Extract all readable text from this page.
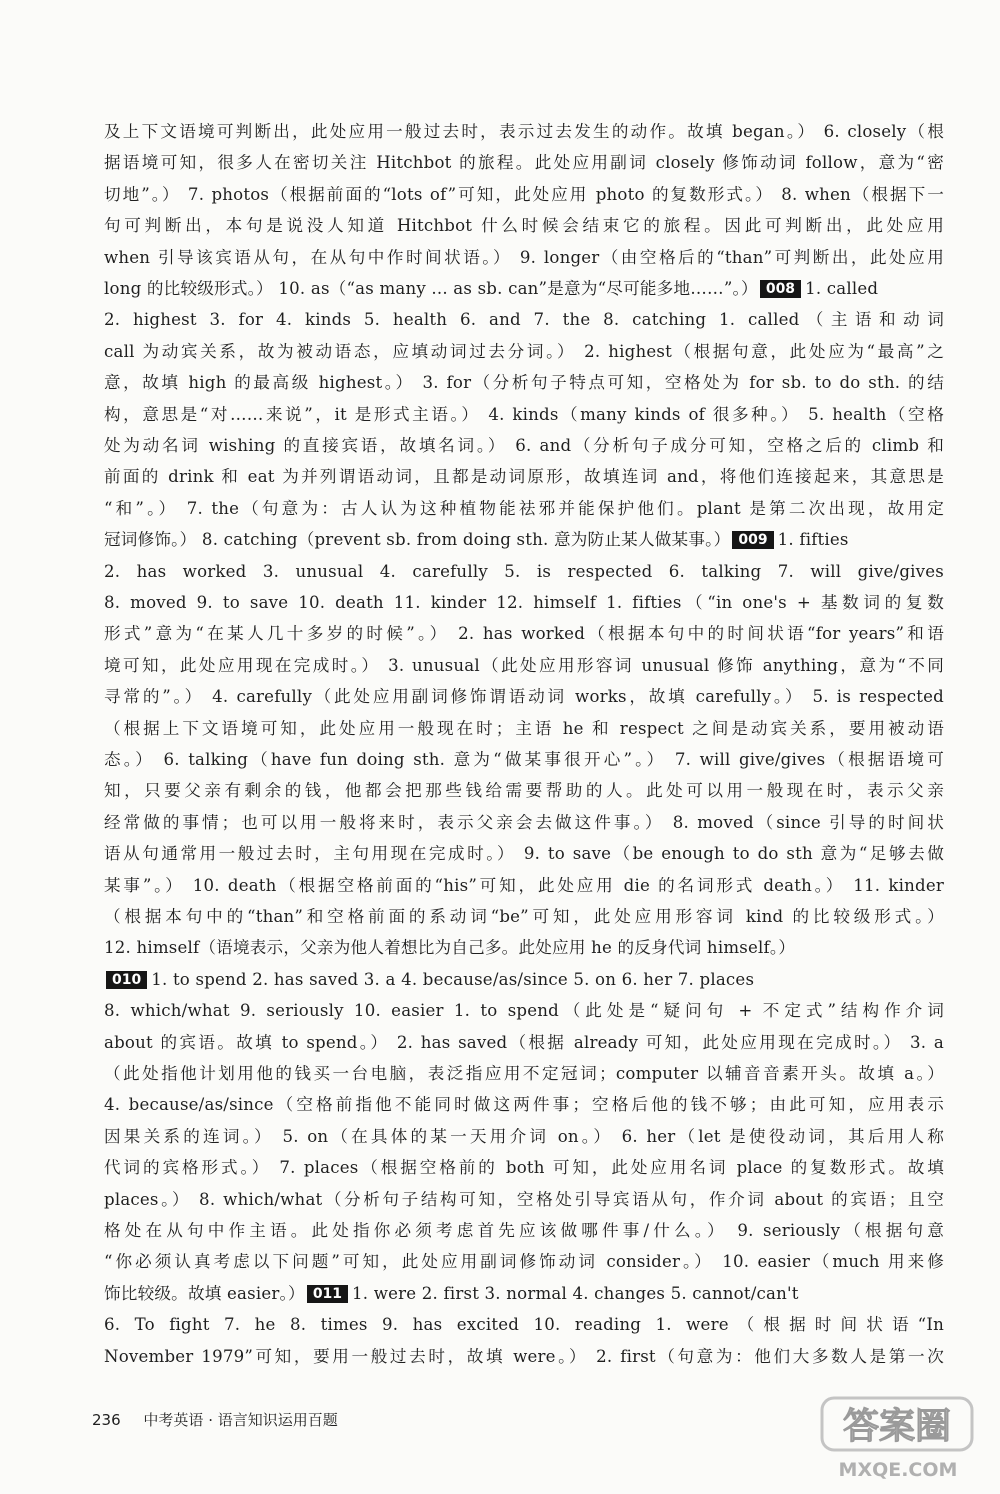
及上下文语境可判断出，此处应用一般过去时，表示过去发生的动作。故填 began。） 6. closely（根
据语境可知，很多人在密切关注 Hitchbot 的旅程。此处应用副词 closely 修饰动词 follow，意为“密
切地”。） 7. photos（根据前面的“lots of”可知，此处应用 photo 的复数形式。） 8. when（根据下一
句可判断出，本句是说没人知道 Hitchbot 什么时候会结束它的旅程。因此可判断出，此处应用
when 引导该宾语从句，在从句中作时间状语。） 9. longer（由空格后的“than”可判断出，此处应用
long 的比较级形式。） 10. as（“as many ... as sb. can”是意为“尽可能多地……”。） 008 1. called
2. highest 3. for 4. kinds 5. health 6. and 7. the 8. catching 1. called（主语和动词
call 为动宾关系，故为被动语态，应填动词过去分词。） 2. highest（根据句意，此处应为“最高”之
意，故填 high 的最高级 highest。） 3. for（分析句子特点可知，空格处为 for sb. to do sth. 的结
构，意思是“对……来说”，it 是形式主语。） 4. kinds（many kinds of 很多种。） 5. health（空格
处为动名词 wishing 的直接宾语，故填名词。） 6. and（分析句子成分可知，空格之后的 climb 和
前面的 drink 和 eat 为并列谓语动词，且都是动词原形，故填连词 and，将他们连接起来，其意思是
“和”。） 7. the（句意为：古人认为这种植物能祛邪并能保护他们。plant 是第二次出现，故用定
冠词修饰。） 8. catching（prevent sb. from doing sth. 意为防止某人做某事。） 009 1. fifties
2. has worked 3. unusual 4. carefully 5. is respected 6. talking 7. will give/gives
8. moved 9. to save 10. death 11. kinder 12. himself 1. fifties（“in one's + 基数词的复数
形式”意为“在某人几十多岁的时候”。） 2. has worked（根据本句中的时间状语“for years”和语
境可知，此处应用现在完成时。） 3. unusual（此处应用形容词 unusual 修饰 anything，意为“不同
寻常的”。） 4. carefully（此处应用副词修饰谓语动词 works，故填 carefully。） 5. is respected
（根据上下文语境可知，此处应用一般现在时；主语 he 和 respect 之间是动宾关系，要用被动语
态。） 6. talking（have fun doing sth. 意为“做某事很开心”。） 7. will give/gives（根据语境可
知，只要父亲有剩余的钱，他都会把那些钱给需要帮助的人。此处可以用一般现在时，表示父亲
经常做的事情；也可以用一般将来时，表示父亲会去做这件事。） 8. moved（since 引导的时间状
语从句通常用一般过去时，主句用现在完成时。） 9. to save（be enough to do sth 意为“足够去做
某事”。） 10. death（根据空格前面的“his”可知，此处应用 die 的名词形式 death。） 11. kinder
（根据本句中的“than”和空格前面的系动词“be”可知，此处应用形容词 kind 的比较级形式。）
12. himself（语境表示，父亲为他人着想比为自己多。此处应用 he 的反身代词 himself。）
010 1. to spend 2. has saved 3. a 4. because/as/since 5. on 6. her 7. places
8. which/what 9. seriously 10. easier 1. to spend（此处是“疑问句 + 不定式”结构作介词
about 的宾语。故填 to spend。） 2. has saved（根据 already 可知，此处应用现在完成时。） 3. a
（此处指他计划用他的钱买一台电脑，表泛指应用不定冠词；computer 以辅音音素开头。故填 a。）
4. because/as/since（空格前指他不能同时做这两件事；空格后他的钱不够；由此可知，应用表示
因果关系的连词。） 5. on（在具体的某一天用介词 on。） 6. her（let 是使役动词，其后用人称
代词的宾格形式。） 7. places（根据空格前的 both 可知，此处应用名词 place 的复数形式。故填
places。） 8. which/what（分析句子结构可知，空格处引导宾语从句，作介词 about 的宾语；且空
格处在从句中作主语。此处指你必须考虑首先应该做哪件事/什么。） 9. seriously（根据句意
“你必须认真考虑以下问题”可知，此处应用副词修饰动词 consider。） 10. easier（much 用来修
饰比较级。故填 easier。） 011 1. were 2. first 3. normal 4. changes 5. cannot/can't
6. To fight 7. he 8. times 9. has excited 10. reading 1. were（根据时间状语“In
November 1979”可知，要用一般过去时，故填 were。） 2. first（句意为：他们大多数人是第一次
236 中考英语 · 语言知识运用百题	答案圈
MXQE.COM
